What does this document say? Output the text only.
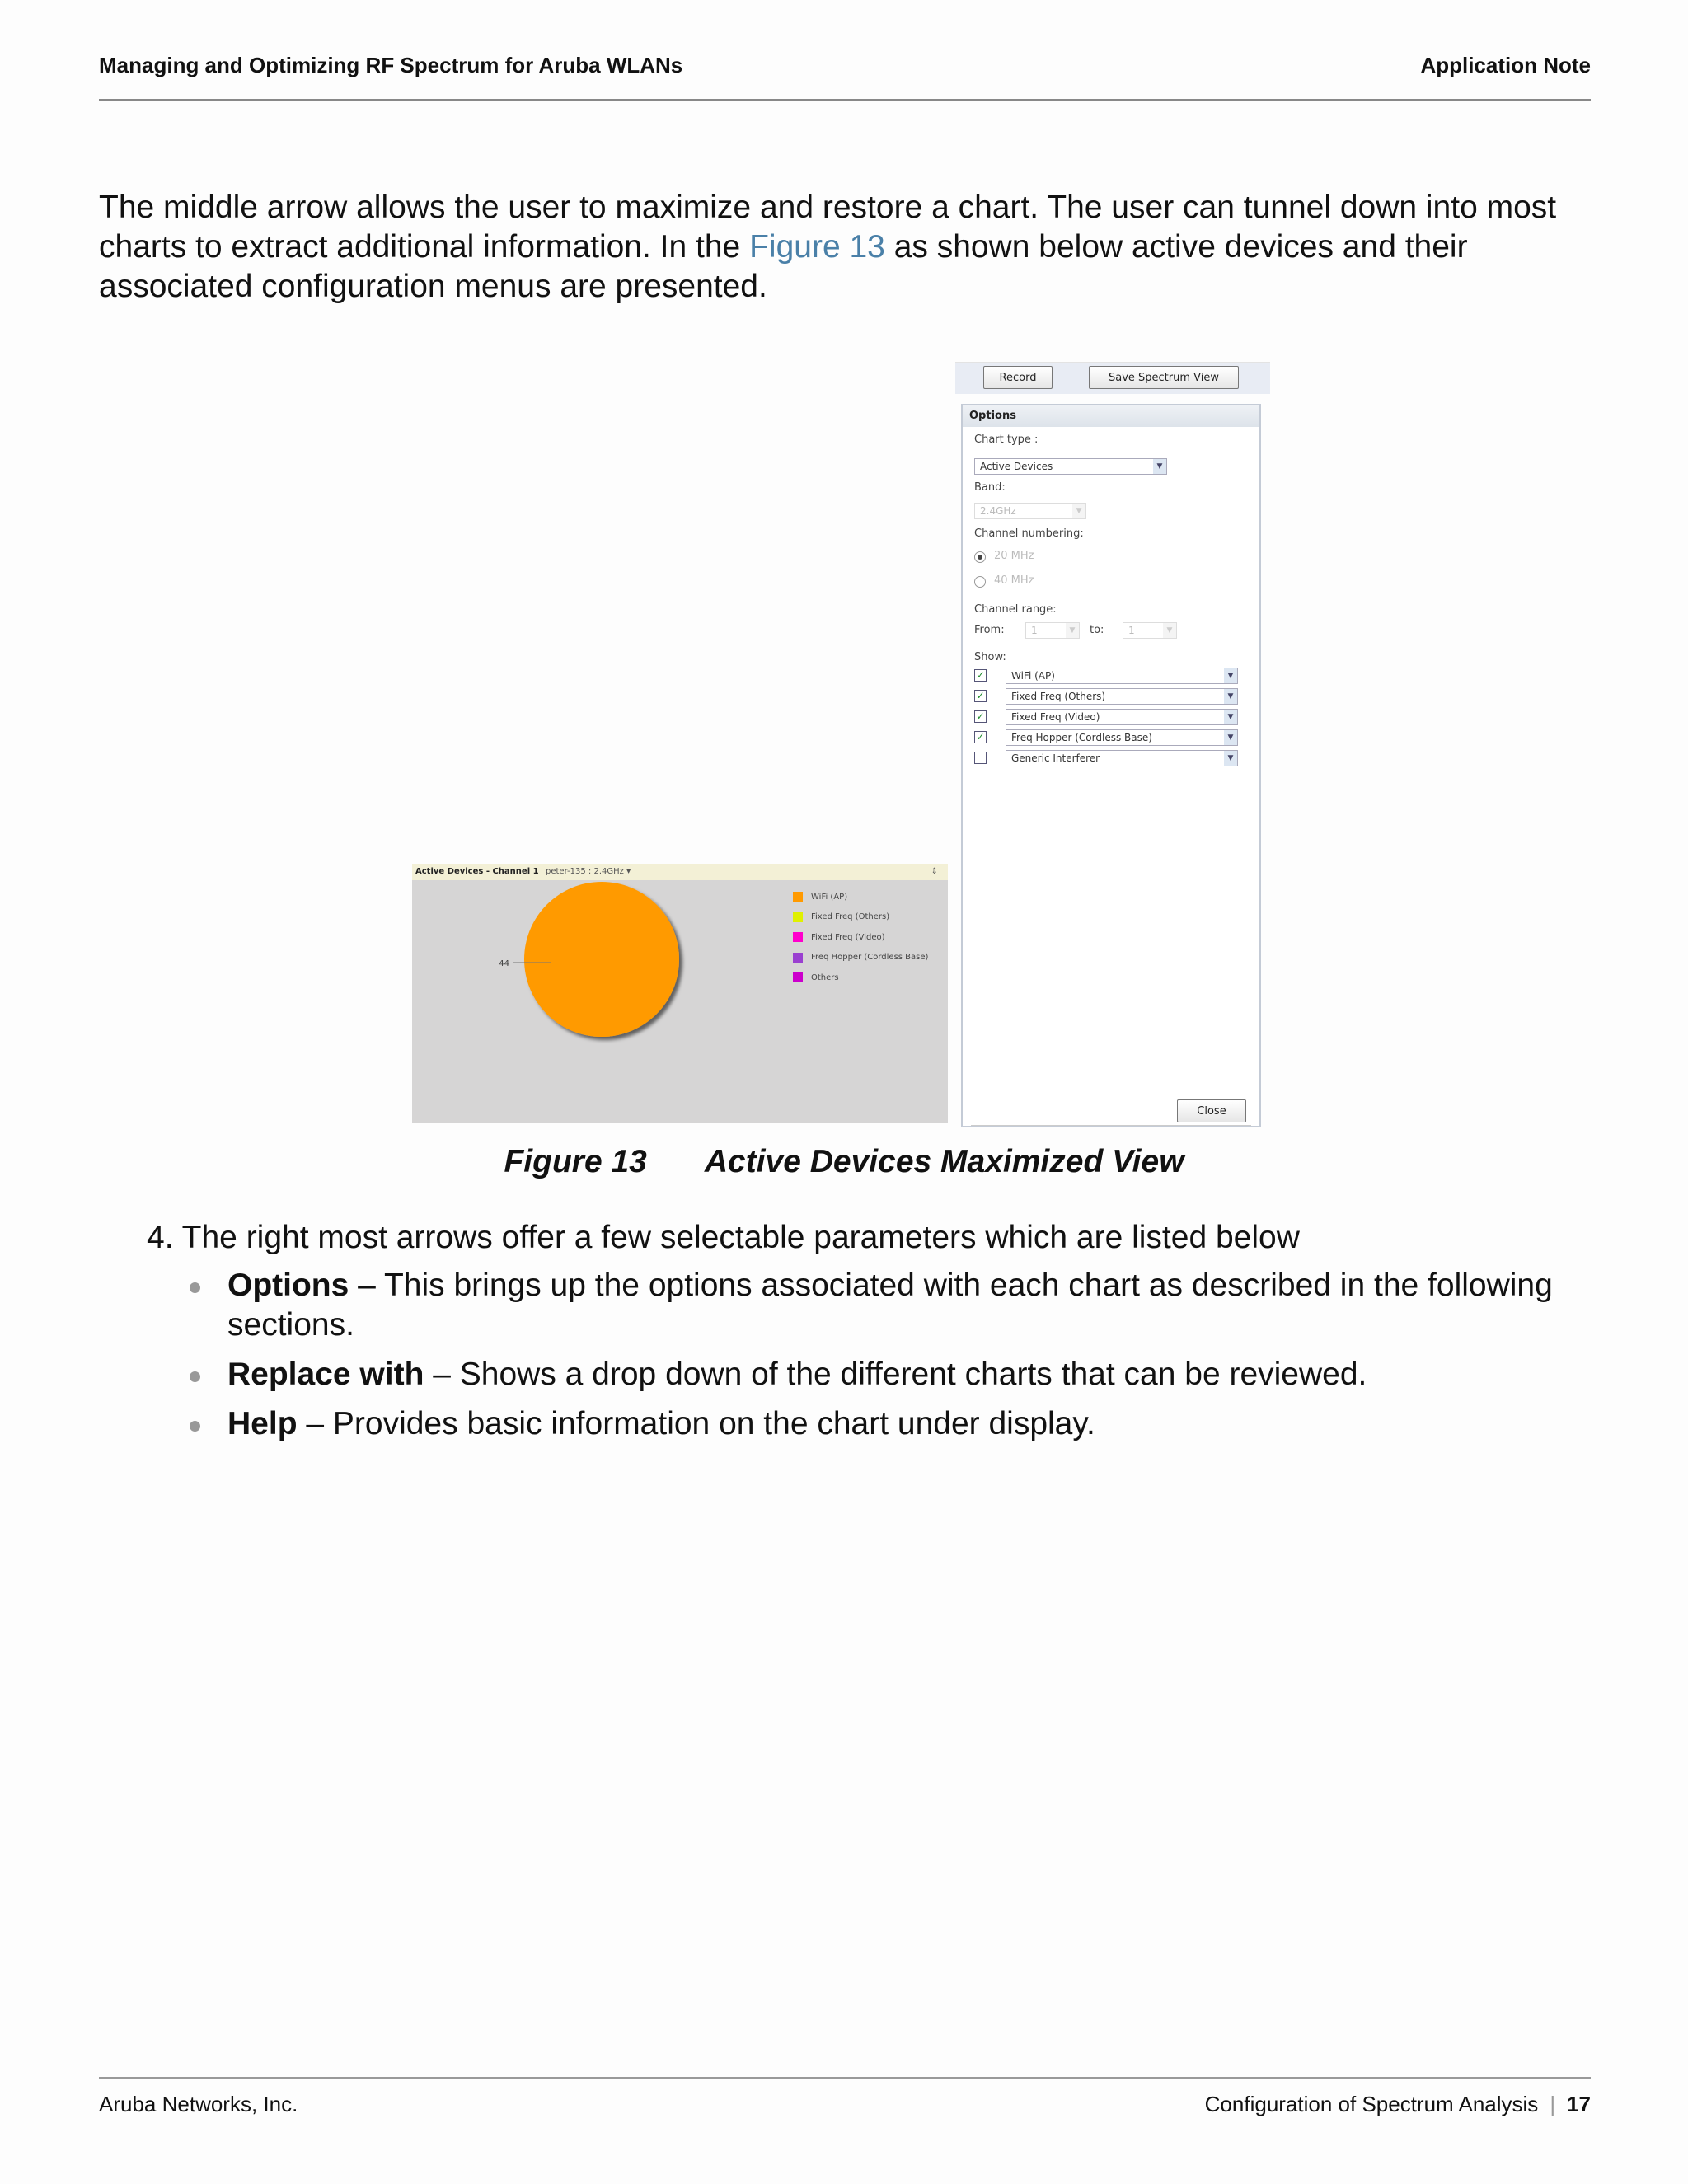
Managing and Optimizing RF Spectrum for Aruba WLANs	Application Note

The middle arrow allows the user to maximize and restore a chart. The user can tunnel down into most charts to extract additional information. In the Figure 13 as shown below active devices and their associated configuration menus are presented.

Record	Save Spectrum View
Options
Chart type :
Active Devices	▼
Band:
2.4GHz	▼
Channel numbering:
20 MHz
40 MHz
Channel range:
From:	1	▼	to:	1	▼
Show:
✓	WiFi (AP)	▼
✓	Fixed Freq (Others)	▼
✓	Fixed Freq (Video)	▼
✓	Freq Hopper (Cordless Base)	▼
Generic Interferer	▼
Close
Active Devices - Channel 1 peter-135 : 2.4GHz ▾	⇕
44
WiFi (AP)
Fixed Freq (Others)
Fixed Freq (Video)
Freq Hopper (Cordless Base)
Others
Figure 13 Active Devices Maximized View

4. The right most arrows offer a few selectable parameters which are listed below

Options – This brings up the options associated with each chart as described in the following sections.
Replace with – Shows a drop down of the different charts that can be reviewed.
Help – Provides basic information on the chart under display.
Aruba Networks, Inc.	Configuration of Spectrum Analysis | 17
